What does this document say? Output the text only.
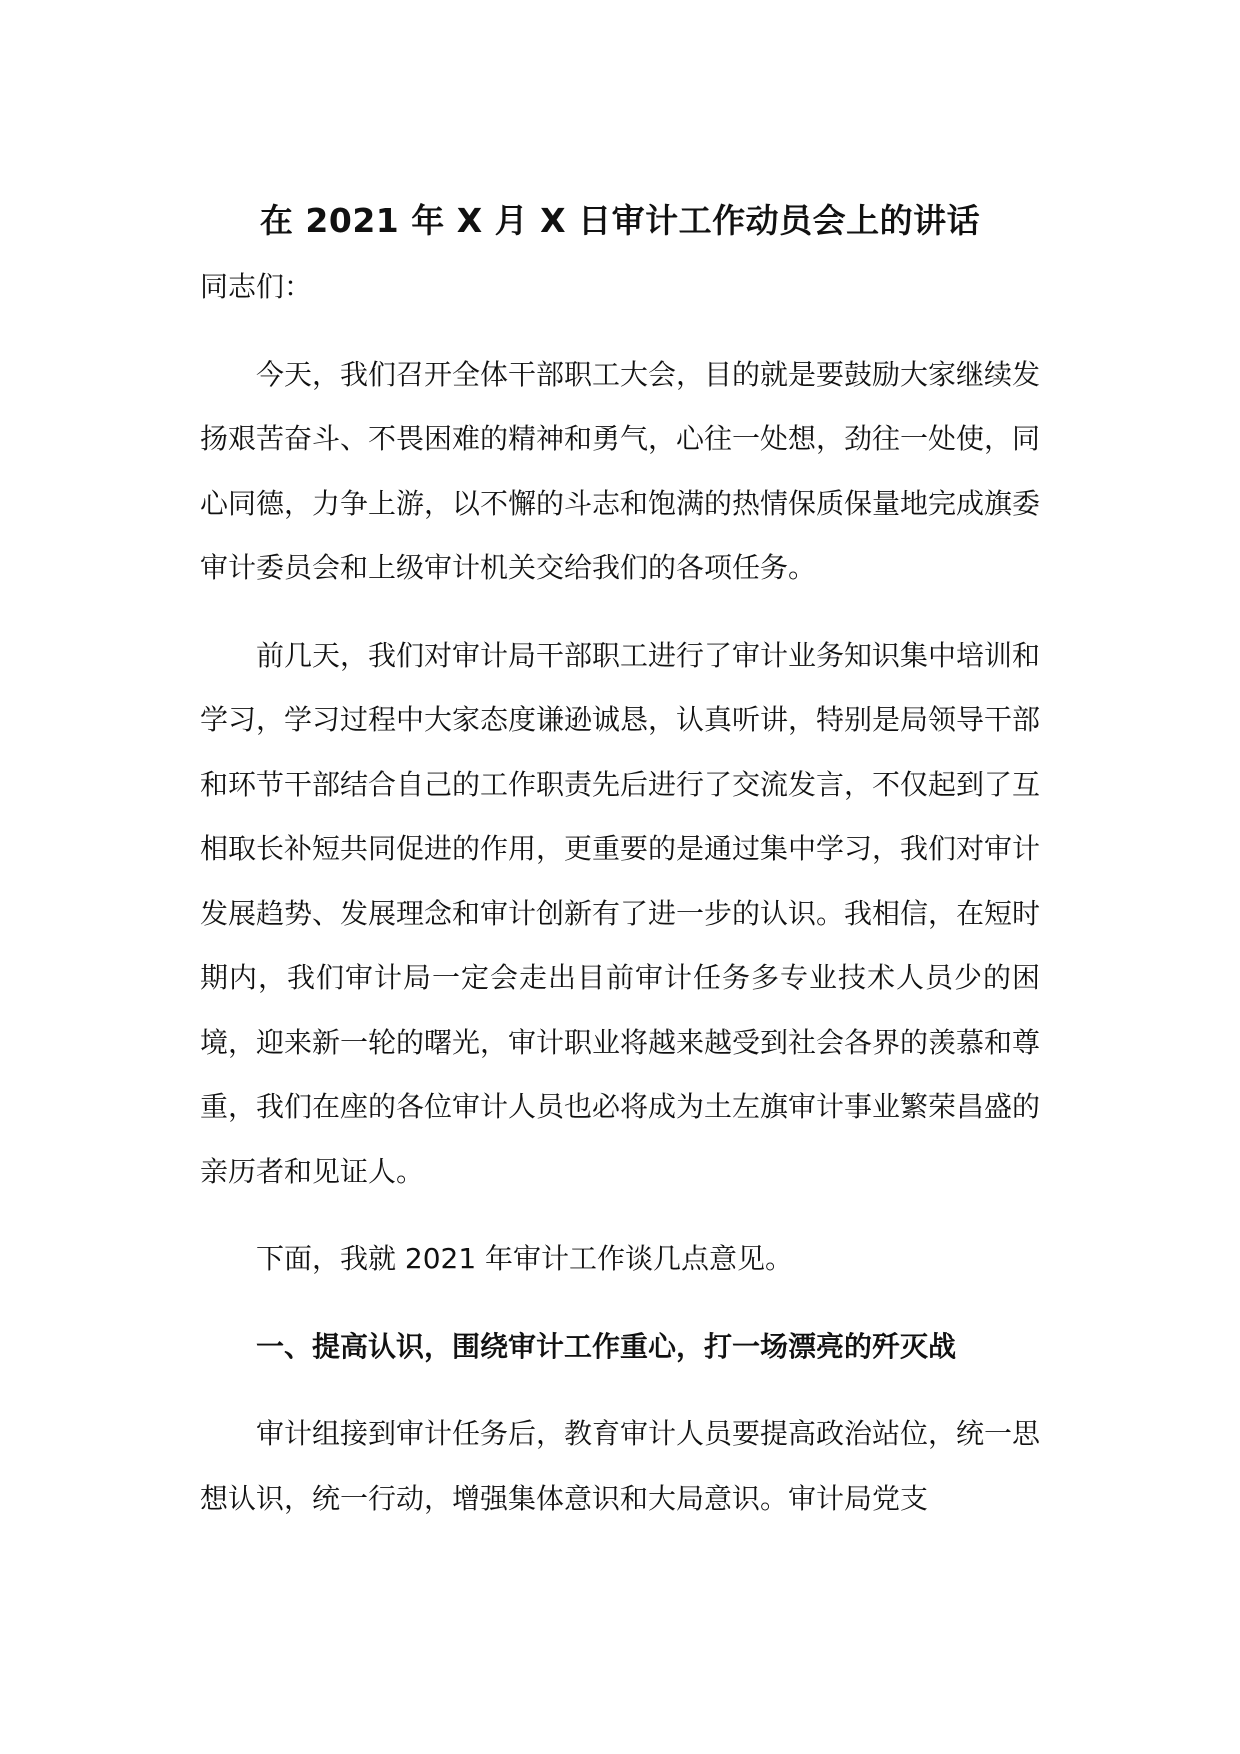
在 2021 年 X 月 X 日审计工作动员会上的讲话

同志们：

今天，我们召开全体干部职工大会，目的就是要鼓励大家继续发扬艰苦奋斗、不畏困难的精神和勇气，心往一处想，劲往一处使，同心同德，力争上游，以不懈的斗志和饱满的热情保质保量地完成旗委审计委员会和上级审计机关交给我们的各项任务。

前几天，我们对审计局干部职工进行了审计业务知识集中培训和学习，学习过程中大家态度谦逊诚恳，认真听讲，特别是局领导干部和环节干部结合自己的工作职责先后进行了交流发言，不仅起到了互相取长补短共同促进的作用，更重要的是通过集中学习，我们对审计发展趋势、发展理念和审计创新有了进一步的认识。我相信，在短时期内，我们审计局一定会走出目前审计任务多专业技术人员少的困境，迎来新一轮的曙光，审计职业将越来越受到社会各界的羡慕和尊重，我们在座的各位审计人员也必将成为土左旗审计事业繁荣昌盛的亲历者和见证人。

下面，我就 2021 年审计工作谈几点意见。

一、提高认识，围绕审计工作重心，打一场漂亮的歼灭战

审计组接到审计任务后，教育审计人员要提高政治站位，统一思想认识，统一行动，增强集体意识和大局意识。审计局党支
